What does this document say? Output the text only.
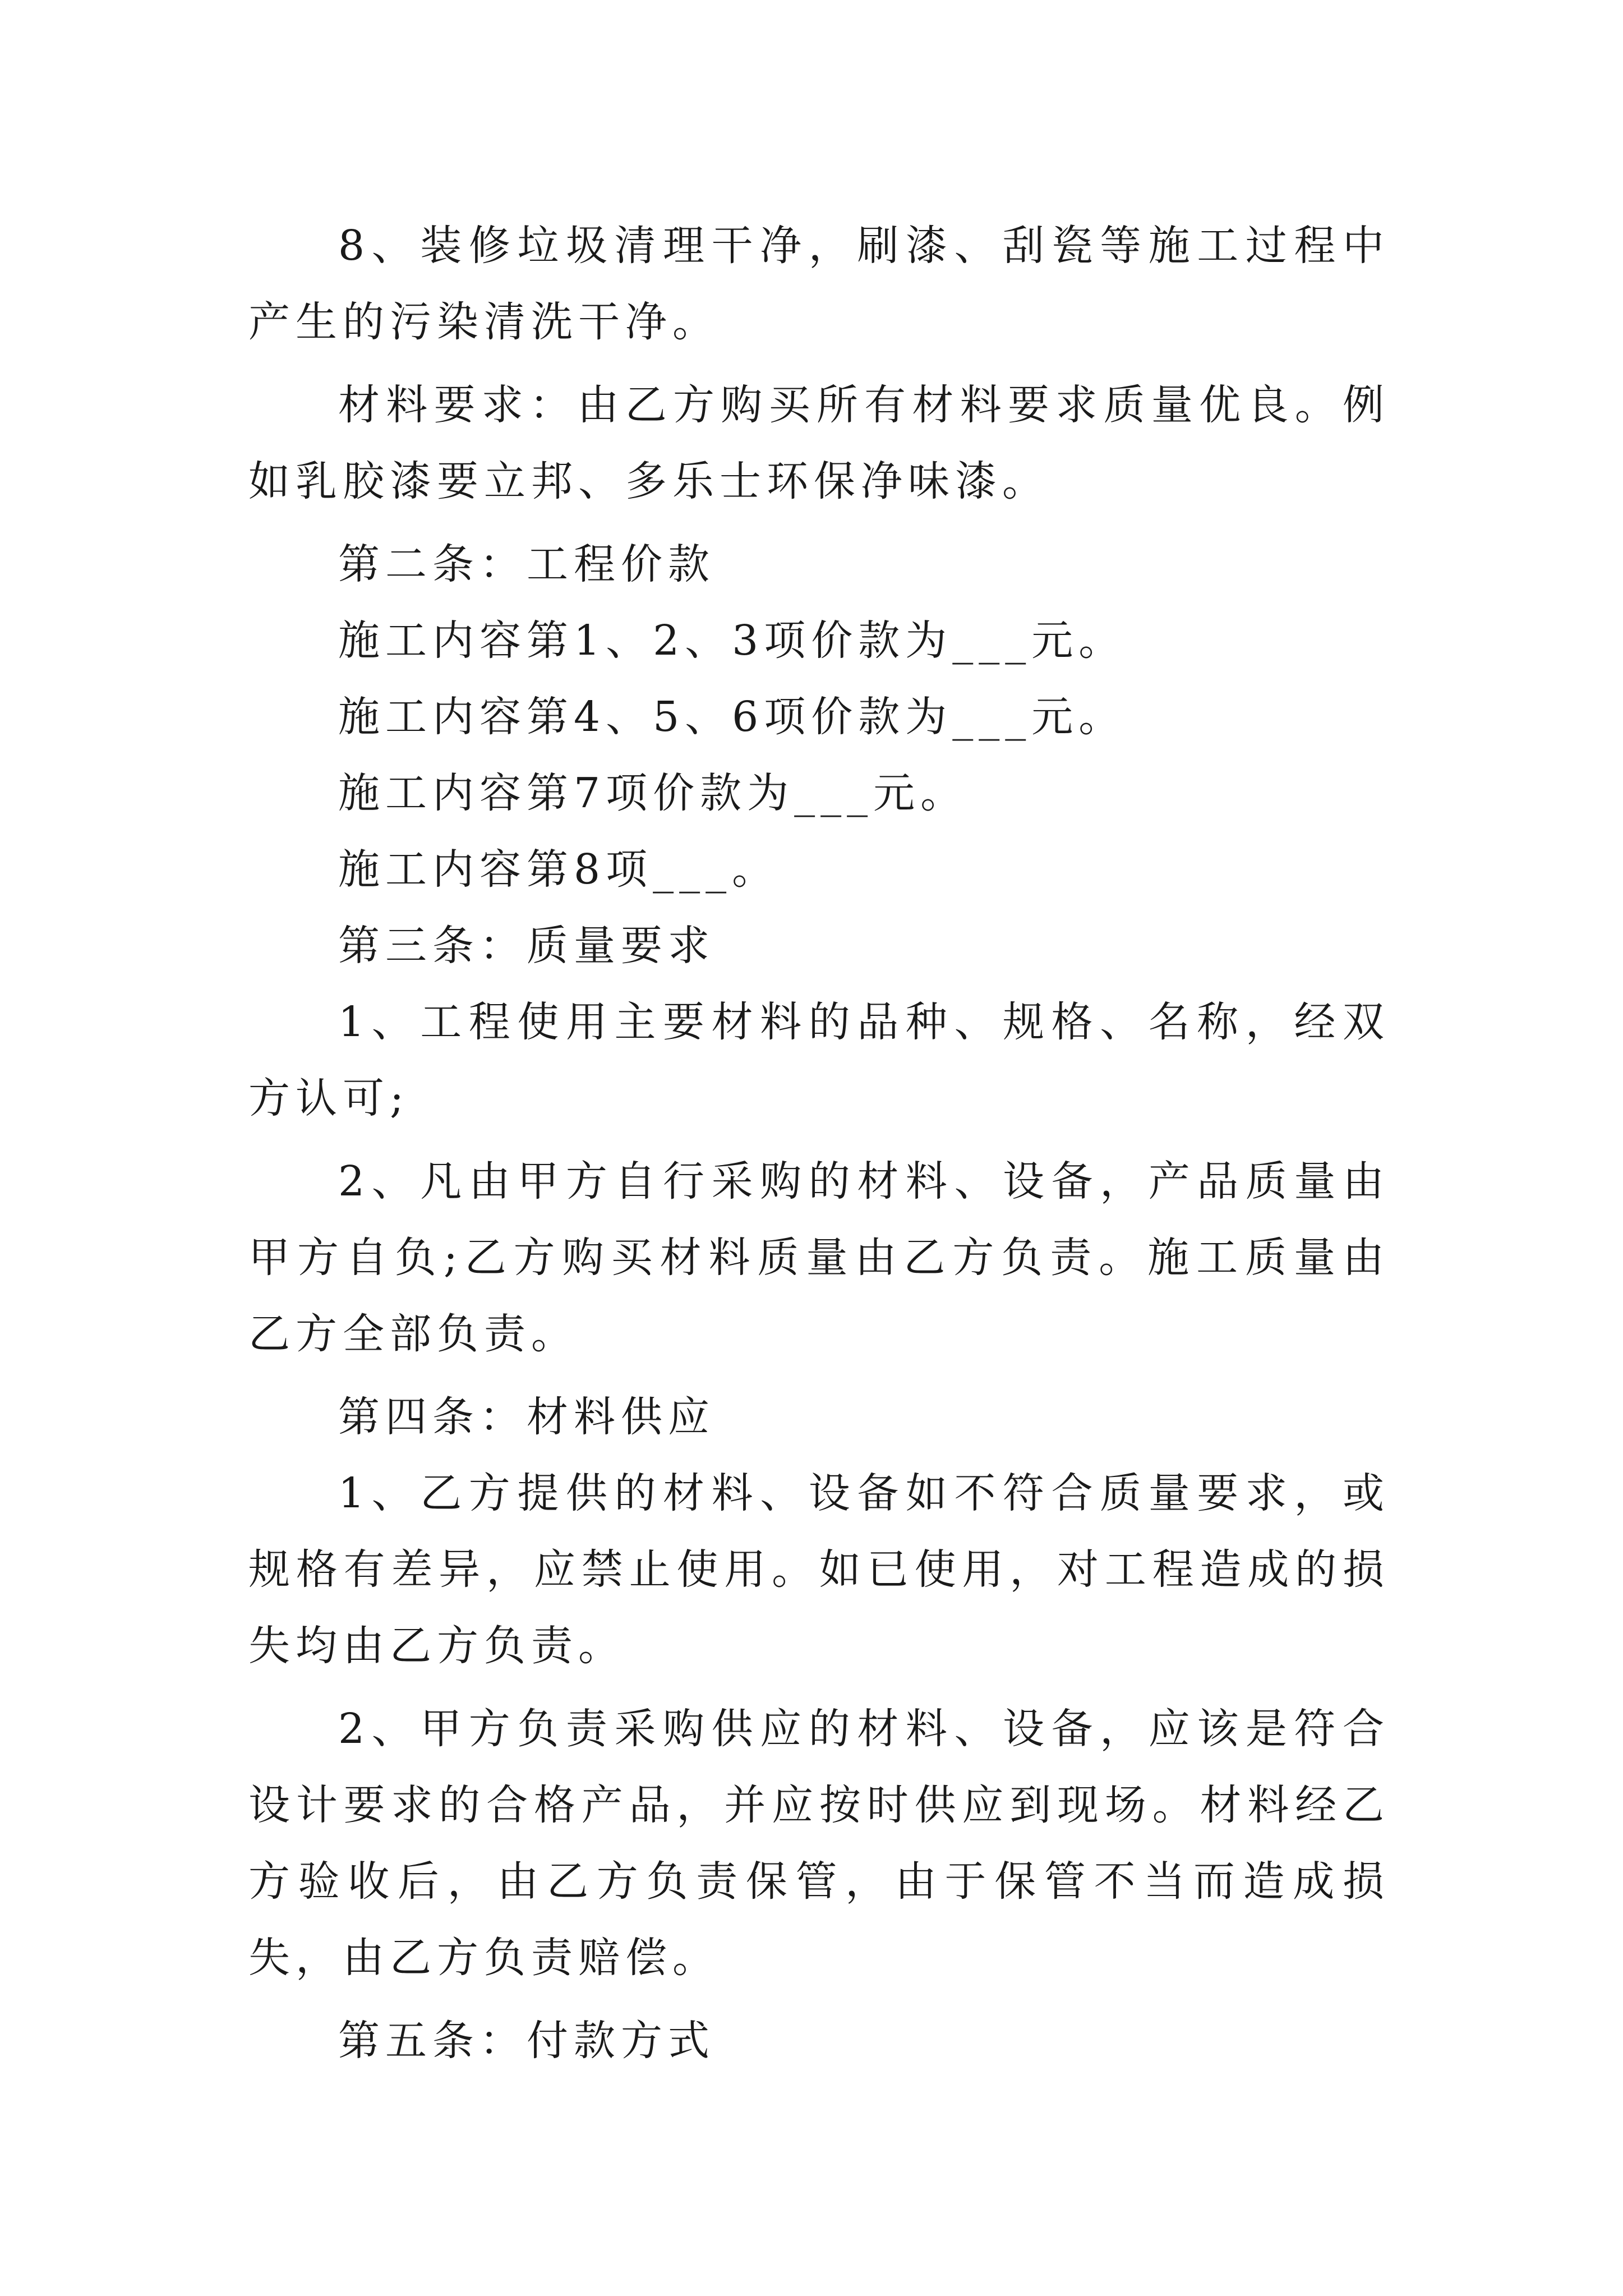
8、装修垃圾清理干净，刷漆、刮瓷等施工过程中产生的污染清洗干净。

材料要求：由乙方购买所有材料要求质量优良。例如乳胶漆要立邦、多乐士环保净味漆。

第二条：工程价款

施工内容第1、2、3项价款为___元。

施工内容第4、5、6项价款为___元。

施工内容第7项价款为___元。

施工内容第8项___。

第三条：质量要求

1、工程使用主要材料的品种、规格、名称，经双方认可;

2、凡由甲方自行采购的材料、设备，产品质量由甲方自负;乙方购买材料质量由乙方负责。施工质量由乙方全部负责。

第四条：材料供应

1、乙方提供的材料、设备如不符合质量要求，或规格有差异，应禁止使用。如已使用，对工程造成的损失均由乙方负责。

2、甲方负责采购供应的材料、设备，应该是符合设计要求的合格产品，并应按时供应到现场。材料经乙方验收后，由乙方负责保管，由于保管不当而造成损失，由乙方负责赔偿。

第五条：付款方式
